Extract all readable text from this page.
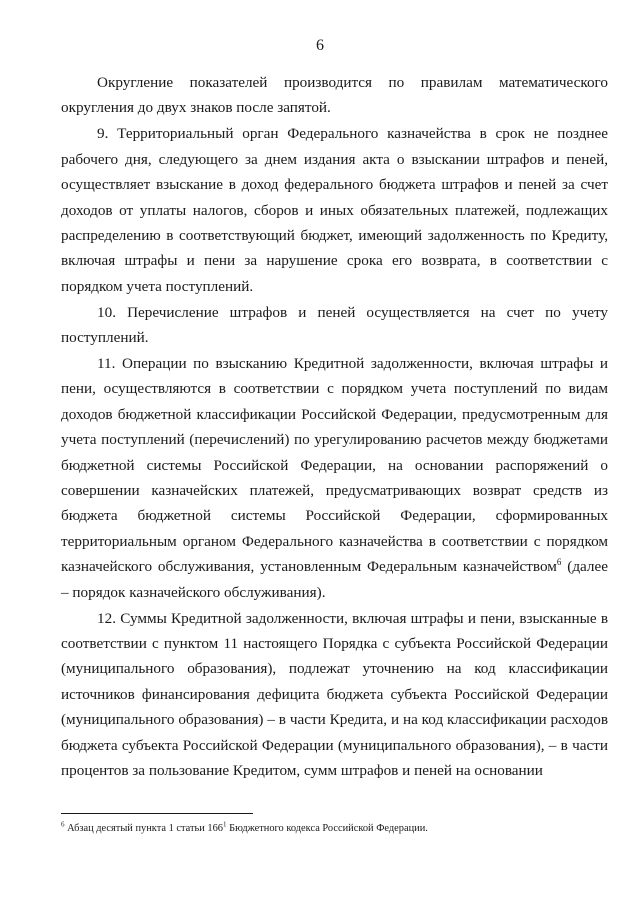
6

Округление показателей производится по правилам математического округления до двух знаков после запятой.

9. Территориальный орган Федерального казначейства в срок не позднее рабочего дня, следующего за днем издания акта о взыскании штрафов и пеней, осуществляет взыскание в доход федерального бюджета штрафов и пеней за счет доходов от уплаты налогов, сборов и иных обязательных платежей, подлежащих распределению в соответствующий бюджет, имеющий задолженность по Кредиту, включая штрафы и пени за нарушение срока его возврата, в соответствии с порядком учета поступлений.

10. Перечисление штрафов и пеней осуществляется на счет по учету поступлений.

11. Операции по взысканию Кредитной задолженности, включая штрафы и пени, осуществляются в соответствии с порядком учета поступлений по видам доходов бюджетной классификации Российской Федерации, предусмотренным для учета поступлений (перечислений) по урегулированию расчетов между бюджетами бюджетной системы Российской Федерации, на основании распоряжений о совершении казначейских платежей, предусматривающих возврат средств из бюджета бюджетной системы Российской Федерации, сформированных территориальным органом Федерального казначейства в соответствии с порядком казначейского обслуживания, установленным Федеральным казначейством$^6$ (далее – порядок казначейского обслуживания).

12. Суммы Кредитной задолженности, включая штрафы и пени, взысканные в соответствии с пунктом 11 настоящего Порядка с субъекта Российской Федерации (муниципального образования), подлежат уточнению на код классификации источников финансирования дефицита бюджета субъекта Российской Федерации (муниципального образования) – в части Кредита, и на код классификации расходов бюджета субъекта Российской Федерации (муниципального образования), – в части процентов за пользование Кредитом, сумм штрафов и пеней на основании

$^6$ Абзац десятый пункта 1 статьи $166^1$ Бюджетного кодекса Российской Федерации.
